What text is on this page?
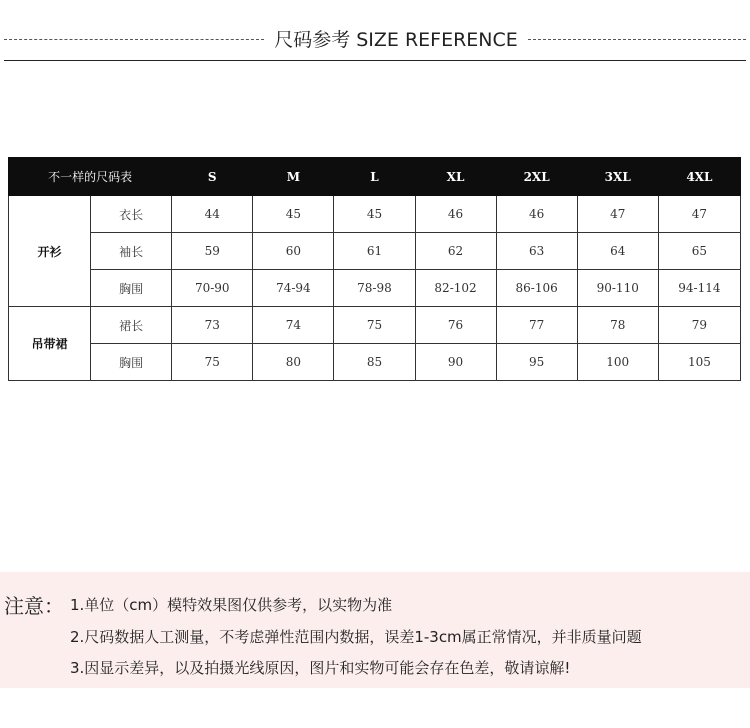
尺码参考 SIZE REFERENCE
不一样的尺码表		S	M	L	XL	2XL	3XL	4XL
开衫	衣长	44	45	45	46	46	47	47
	袖长	59	60	61	62	63	64	65
	胸围	70-90	74-94	78-98	82-102	86-106	90-110	94-114
吊带裙	裙长	73	74	75	76	77	78	79
	胸围	75	80	85	90	95	100	105
注意： 1.单位（cm）模特效果图仅供参考，以实物为准
2.尺码数据人工测量，不考虑弹性范围内数据，误差1-3cm属正常情况，并非质量问题
3.因显示差异，以及拍摄光线原因，图片和实物可能会存在色差，敬请谅解!
